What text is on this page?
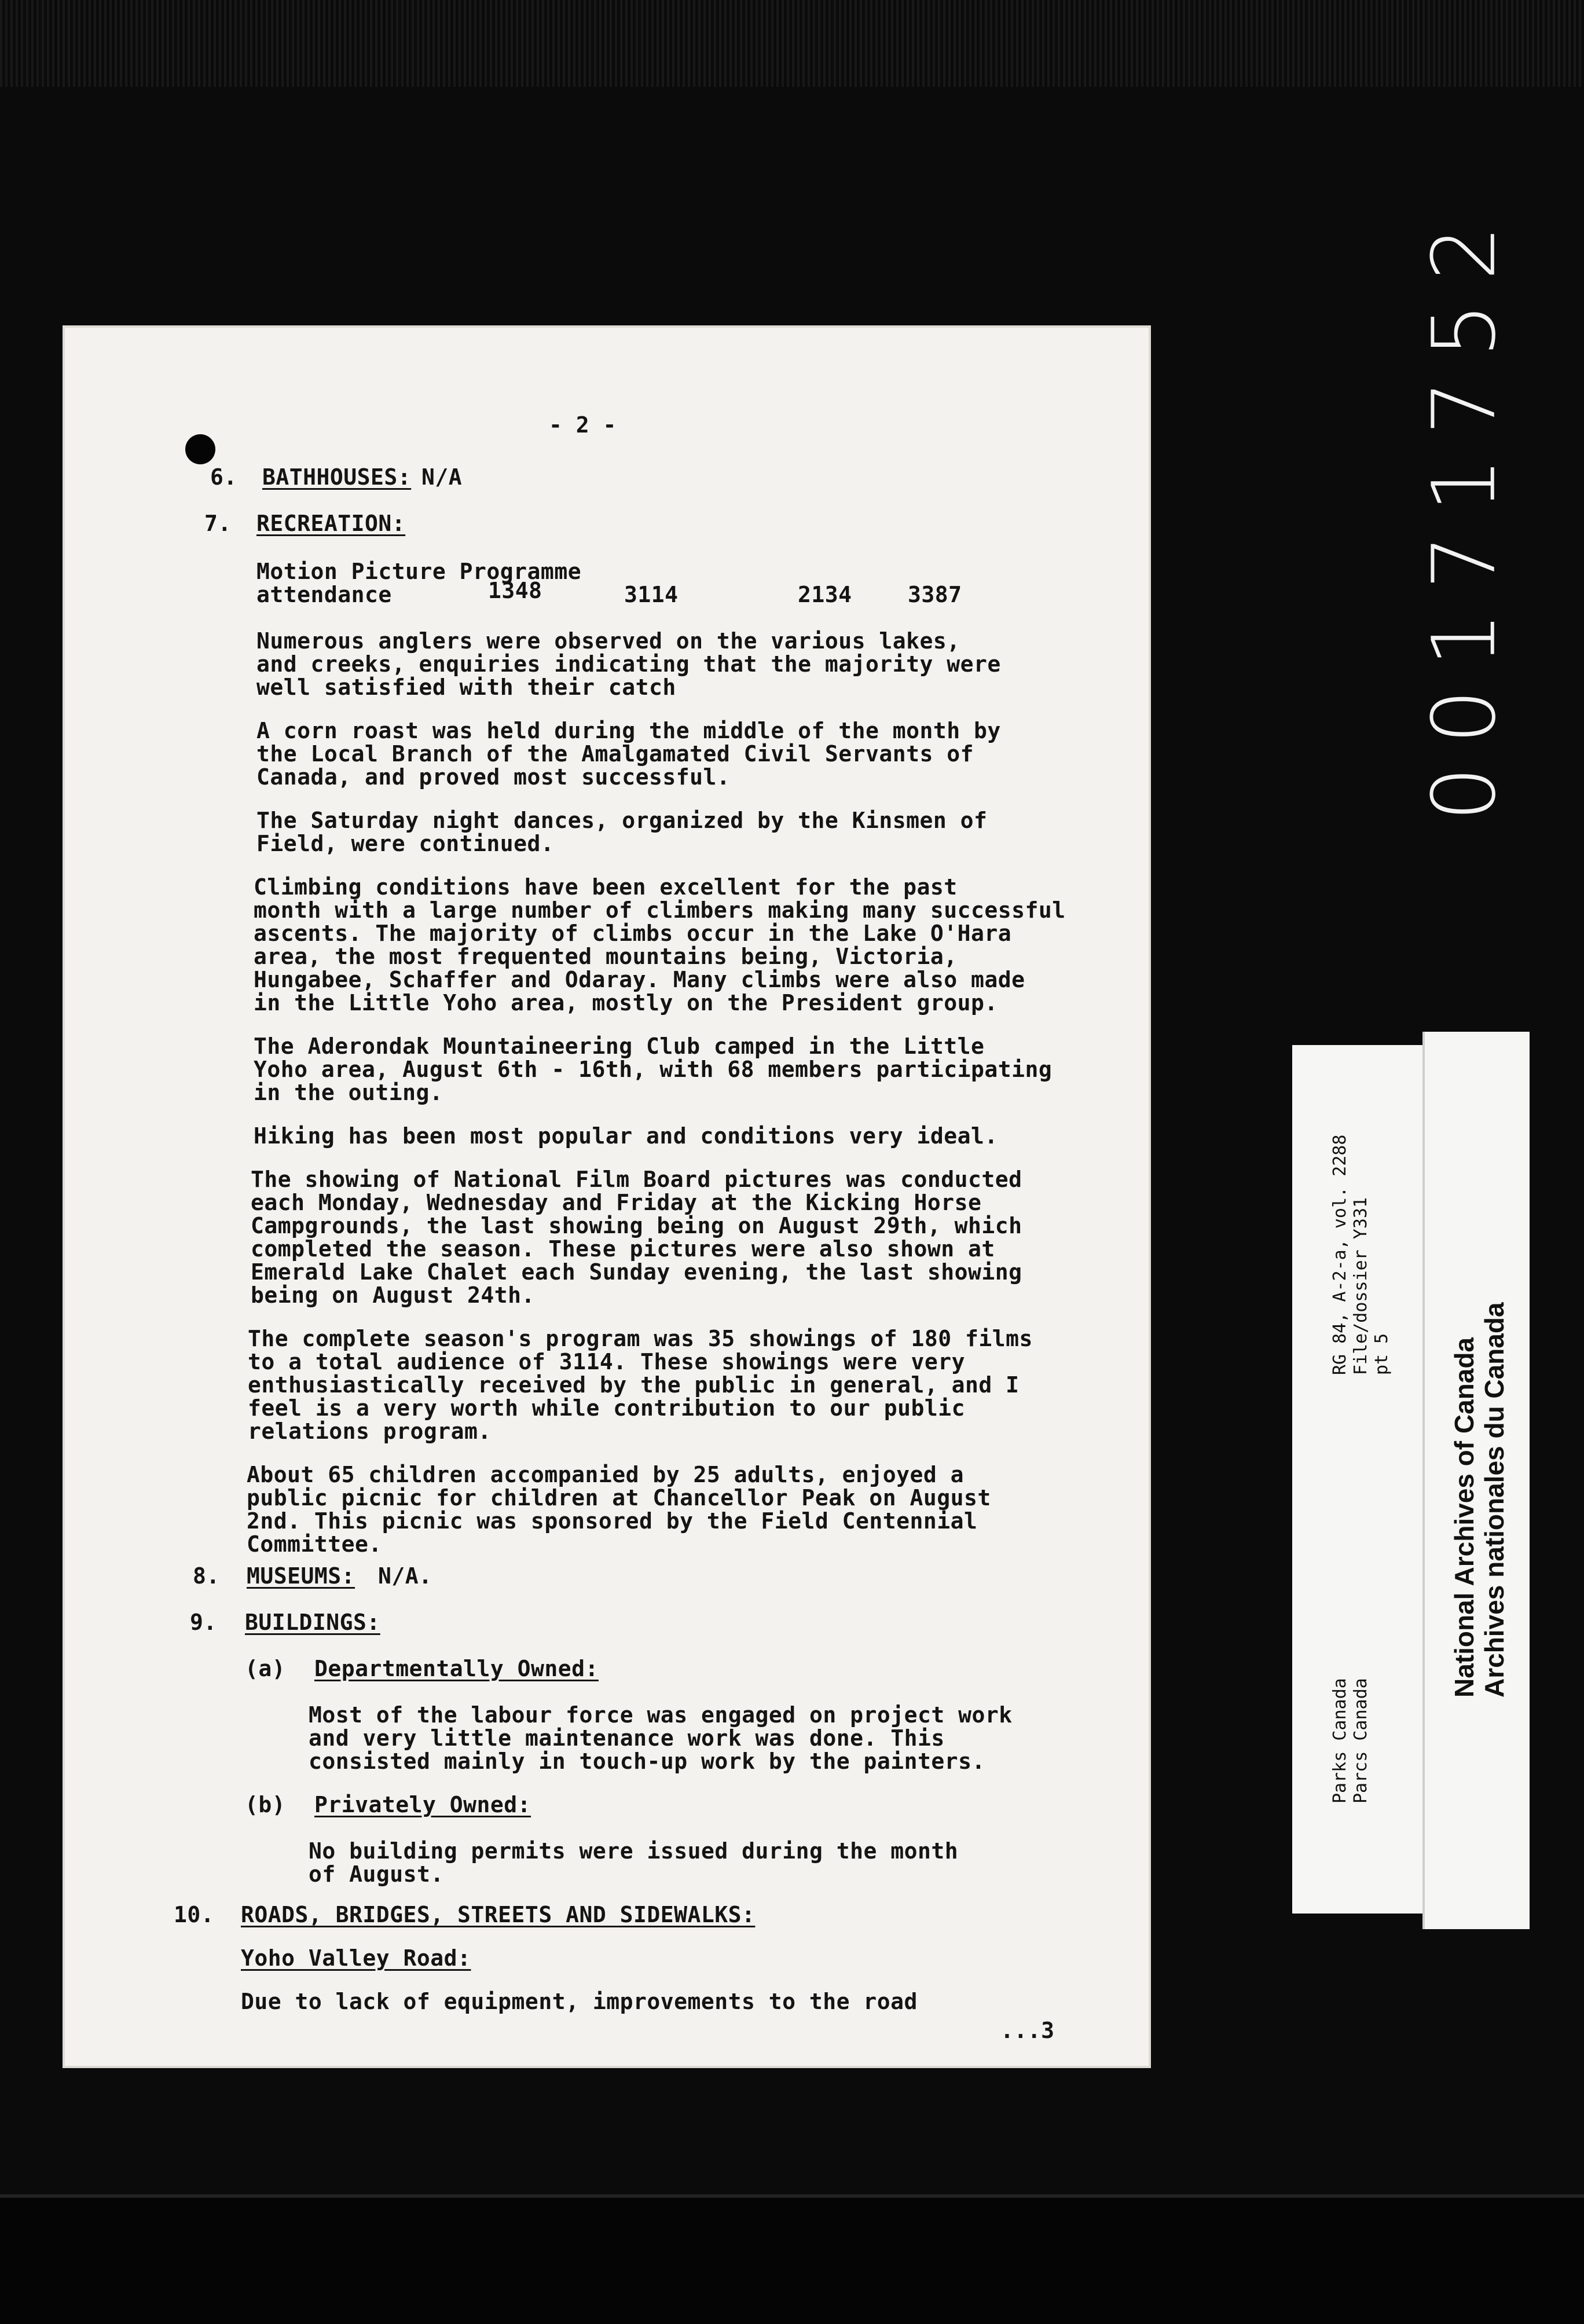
00171752
- 2 -
6. BATHHOUSES: N/A
7. RECREATION:
Motion Picture Programme
attendance	1348	3114	2134	3387
Numerous anglers were observed on the various lakes,
and creeks, enquiries indicating that the majority were
well satisfied with their catch
A corn roast was held during the middle of the month by
the Local Branch of the Amalgamated Civil Servants of
Canada, and proved most successful.
The Saturday night dances, organized by the Kinsmen of
Field, were continued.
Climbing conditions have been excellent for the past
month with a large number of climbers making many successful
ascents. The majority of climbs occur in the Lake O'Hara
area, the most frequented mountains being, Victoria,
Hungabee, Schaffer and Odaray. Many climbs were also made
in the Little Yoho area, mostly on the President group.
The Aderondak Mountaineering Club camped in the Little
Yoho area, August 6th - 16th, with 68 members participating
in the outing.
Hiking has been most popular and conditions very ideal.
The showing of National Film Board pictures was conducted
each Monday, Wednesday and Friday at the Kicking Horse
Campgrounds, the last showing being on August 29th, which
completed the season. These pictures were also shown at
Emerald Lake Chalet each Sunday evening, the last showing
being on August 24th.
The complete season's program was 35 showings of 180 films
to a total audience of 3114. These showings were very
enthusiastically received by the public in general, and I
feel is a very worth while contribution to our public
relations program.
About 65 children accompanied by 25 adults, enjoyed a
public picnic for children at Chancellor Peak on August
2nd. This picnic was sponsored by the Field Centennial
Committee.
8. MUSEUMS: N/A.
9. BUILDINGS:
(a) Departmentally Owned:
Most of the labour force was engaged on project work
and very little maintenance work was done. This
consisted mainly in touch-up work by the painters.
(b) Privately Owned:
No building permits were issued during the month
of August.
10. ROADS, BRIDGES, STREETS AND SIDEWALKS:
Yoho Valley Road:
Due to lack of equipment, improvements to the road
...3
RG 84, A-2-a, vol. 2288 File/dossier Y331 pt 5
Parks Canada Parcs Canada
National Archives of Canada Archives nationales du Canada
